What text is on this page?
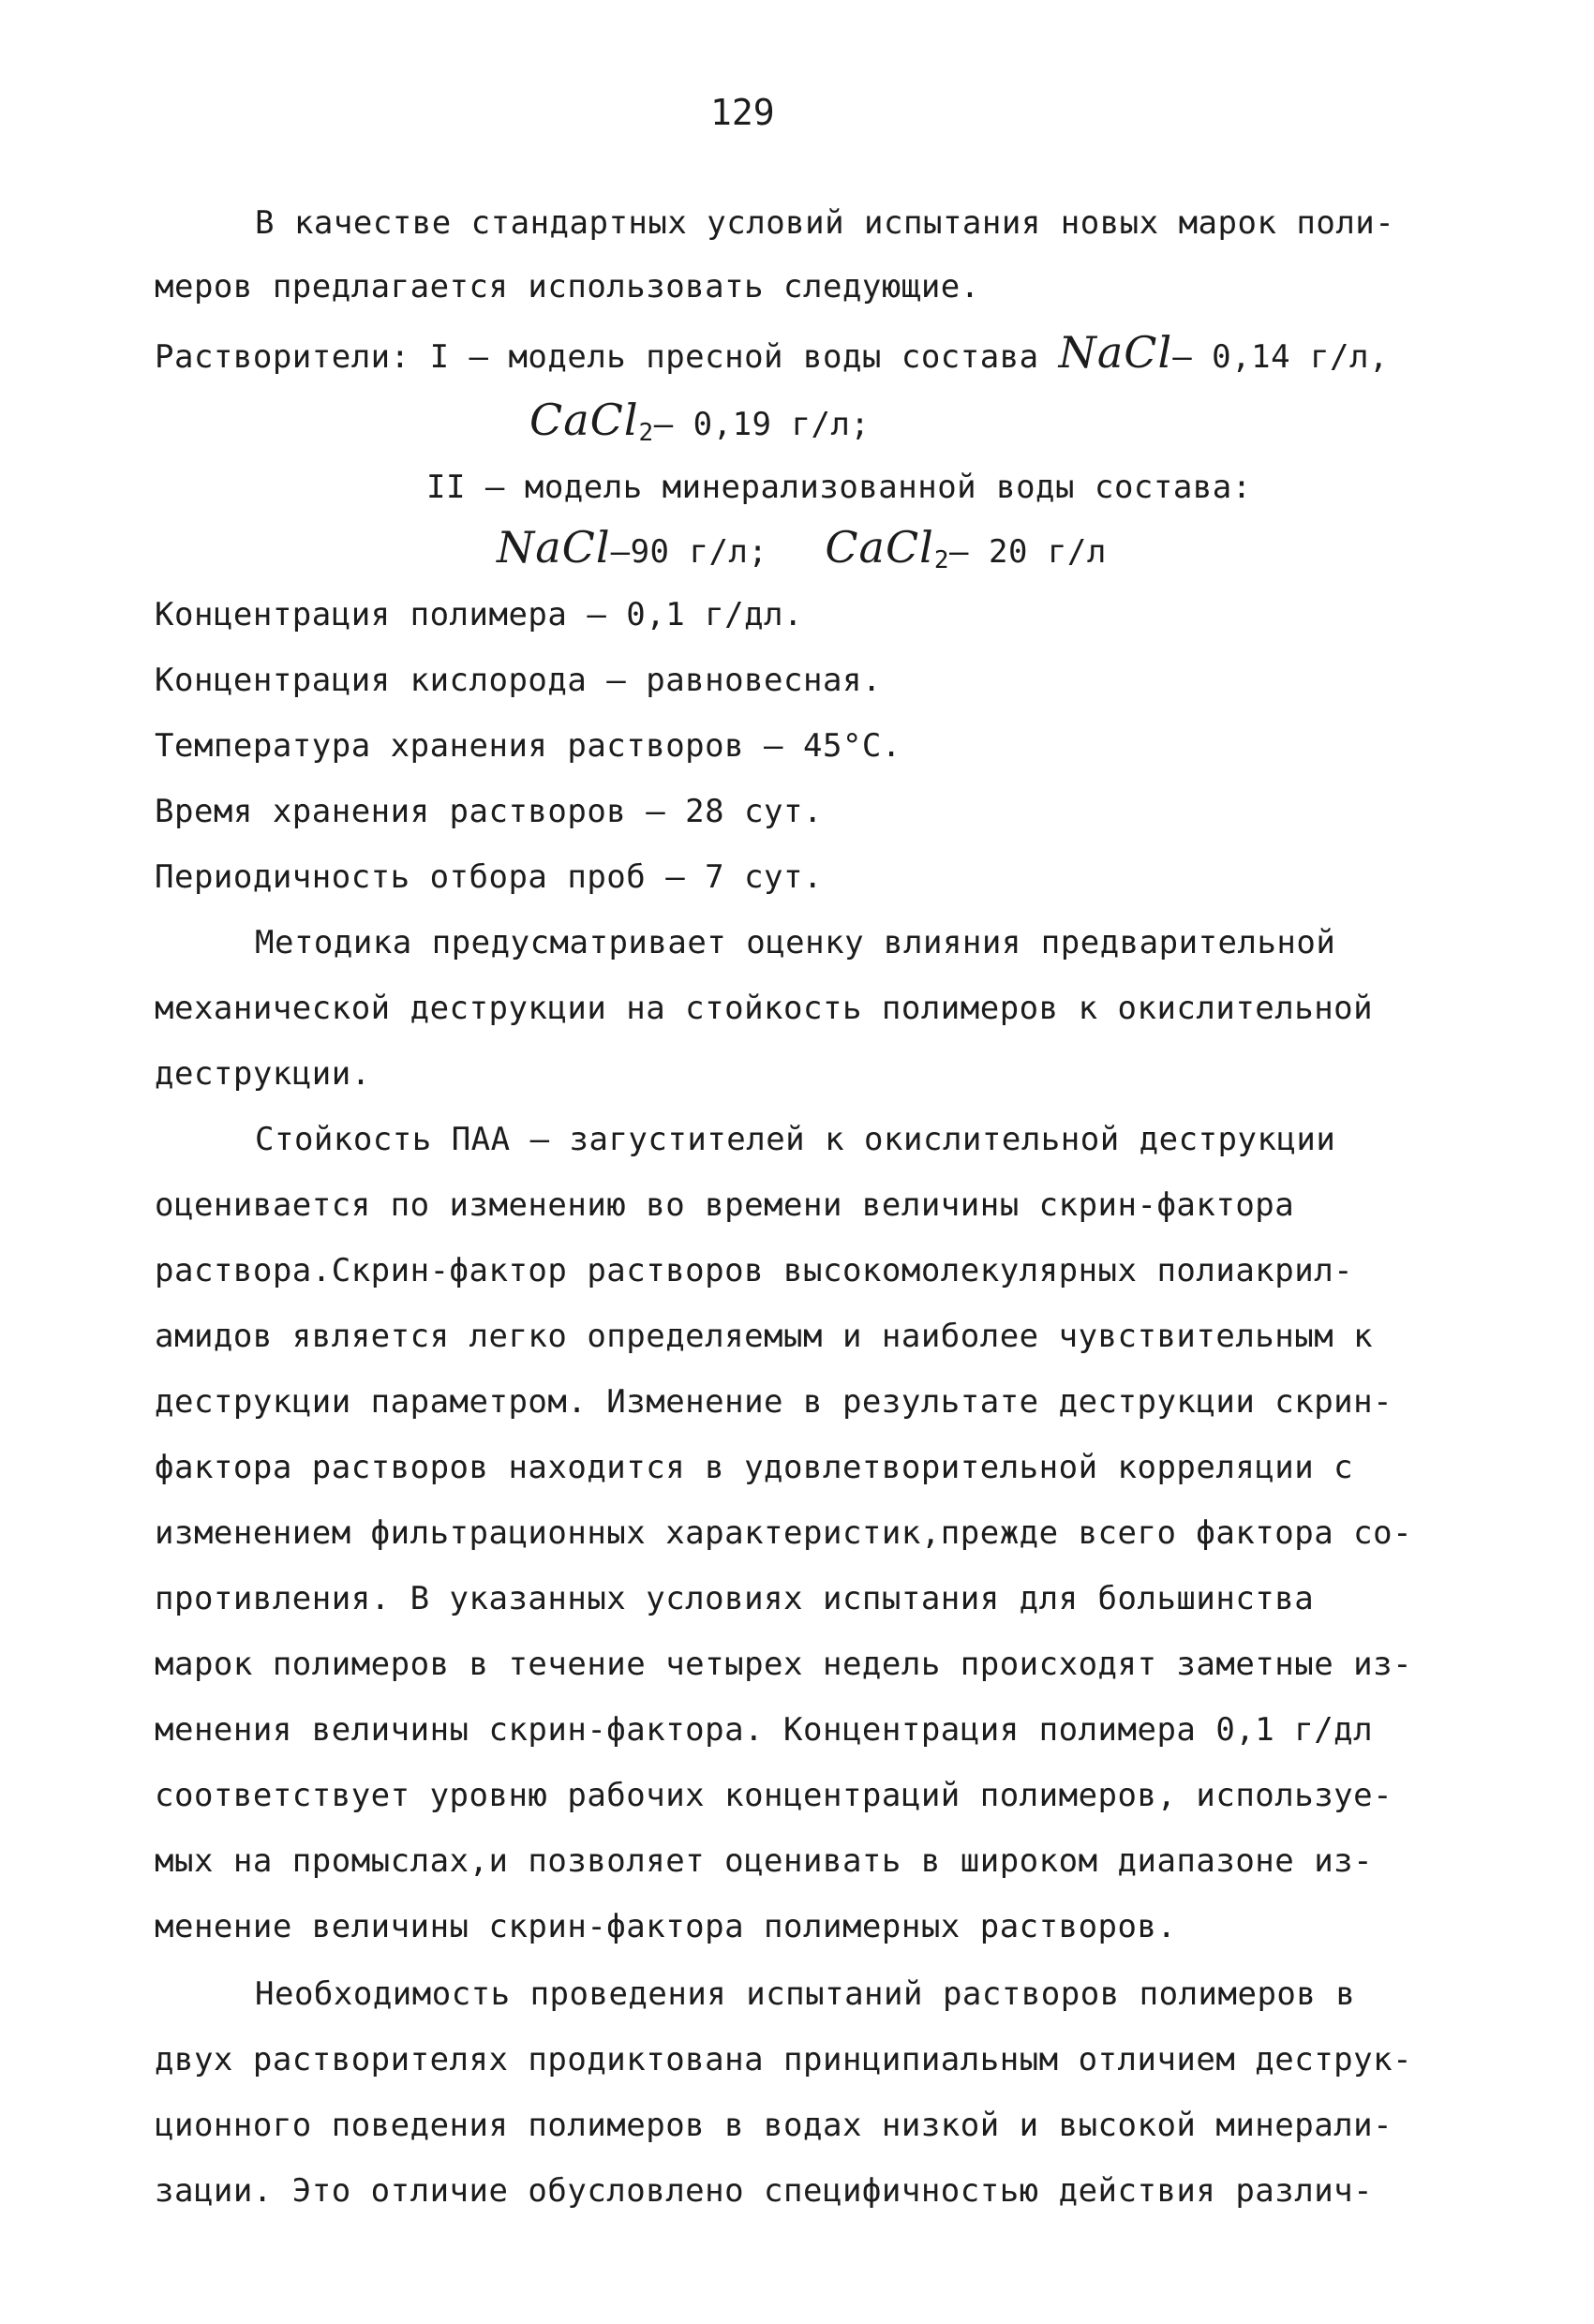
129
В качестве стандартных условий испытания новых марок поли-
меров предлагается использовать следующие.
Растворители: I – модель пресной воды состава NaCl– 0,14 г/л,
CaCl$_2$– 0,19 г/л;
II – модель минерализованной воды состава:
NaCl–90 г/л; CaCl$_2$– 20 г/л
Концентрация полимера – 0,1 г/дл.
Концентрация кислорода – равновесная.
Температура хранения растворов – 45°С.
Время хранения растворов – 28 сут.
Периодичность отбора проб – 7 сут.
Методика предусматривает оценку влияния предварительной
механической деструкции на стойкость полимеров к окислительной
деструкции.
Стойкость ПАА – загустителей к окислительной деструкции
оценивается по изменению во времени величины скрин-фактора
раствора.Скрин-фактор растворов высокомолекулярных полиакрил-
амидов является легко определяемым и наиболее чувствительным к
деструкции параметром. Изменение в результате деструкции скрин-
фактора растворов находится в удовлетворительной корреляции с
изменением фильтрационных характеристик,прежде всего фактора со-
противления. В указанных условиях испытания для большинства
марок полимеров в течение четырех недель происходят заметные из-
менения величины скрин-фактора. Концентрация полимера 0,1 г/дл
соответствует уровню рабочих концентраций полимеров, используе-
мых на промыслах,и позволяет оценивать в широком диапазоне из-
менение величины скрин-фактора полимерных растворов.
Необходимость проведения испытаний растворов полимеров в
двух растворителях продиктована принципиальным отличием деструк-
ционного поведения полимеров в водах низкой и высокой минерали-
зации. Это отличие обусловлено специфичностью действия различ-
